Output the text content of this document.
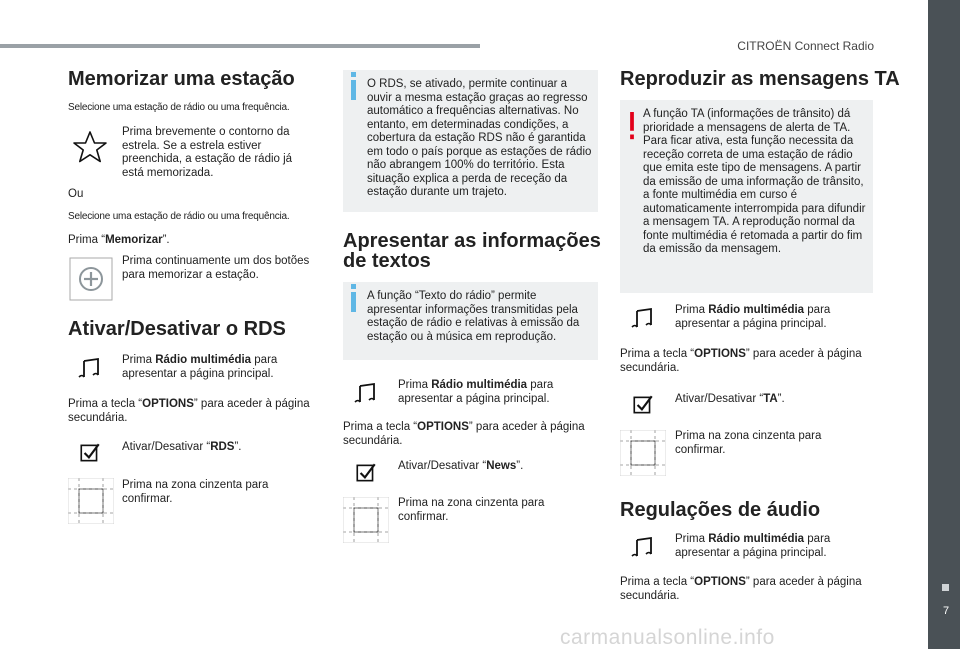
CITROËN Connect Radio
7
Memorizar uma estação
Selecione uma estação de rádio ou uma frequência.
Prima brevemente o contorno da estrela. Se a estrela estiver preenchida, a estação de rádio já está memorizada.
Ou
Selecione uma estação de rádio ou uma frequência.
Prima “Memorizar”.
Prima continuamente um dos botões para memorizar a estação.
Ativar/Desativar o RDS
Prima Rádio multimédia para apresentar a página principal.
Prima a tecla “OPTIONS” para aceder à página secundária.
Ativar/Desativar “RDS”.
Prima na zona cinzenta para confirmar.
O RDS, se ativado, permite continuar a ouvir a mesma estação graças ao regresso automático a frequências alternativas. No entanto, em determinadas condições, a cobertura da estação RDS não é garantida em todo o país porque as estações de rádio não abrangem 100% do território. Esta situação explica a perda de receção da estação durante um trajeto.
Apresentar as informações
de textos
A função “Texto do rádio” permite apresentar informações transmitidas pela estação de rádio e relativas à emissão da estação ou à música em reprodução.
Prima Rádio multimédia para apresentar a página principal.
Prima a tecla “OPTIONS” para aceder à página secundária.
Ativar/Desativar “News”.
Prima na zona cinzenta para confirmar.
Reproduzir as mensagens TA
A função TA (informações de trânsito) dá prioridade a mensagens de alerta de TA. Para ficar ativa, esta função necessita da receção correta de uma estação de rádio que emita este tipo de mensagens. A partir da emissão de uma informação de trânsito, a fonte multimédia em curso é automaticamente interrompida para difundir a mensagem TA. A reprodução normal da fonte multimédia é retomada a partir do fim da emissão da mensagem.
Prima Rádio multimédia para apresentar a página principal.
Prima a tecla “OPTIONS” para aceder à página secundária.
Ativar/Desativar “TA”.
Prima na zona cinzenta para confirmar.
Regulações de áudio
Prima Rádio multimédia para apresentar a página principal.
Prima a tecla “OPTIONS” para aceder à página secundária.
carmanualsonline.info
